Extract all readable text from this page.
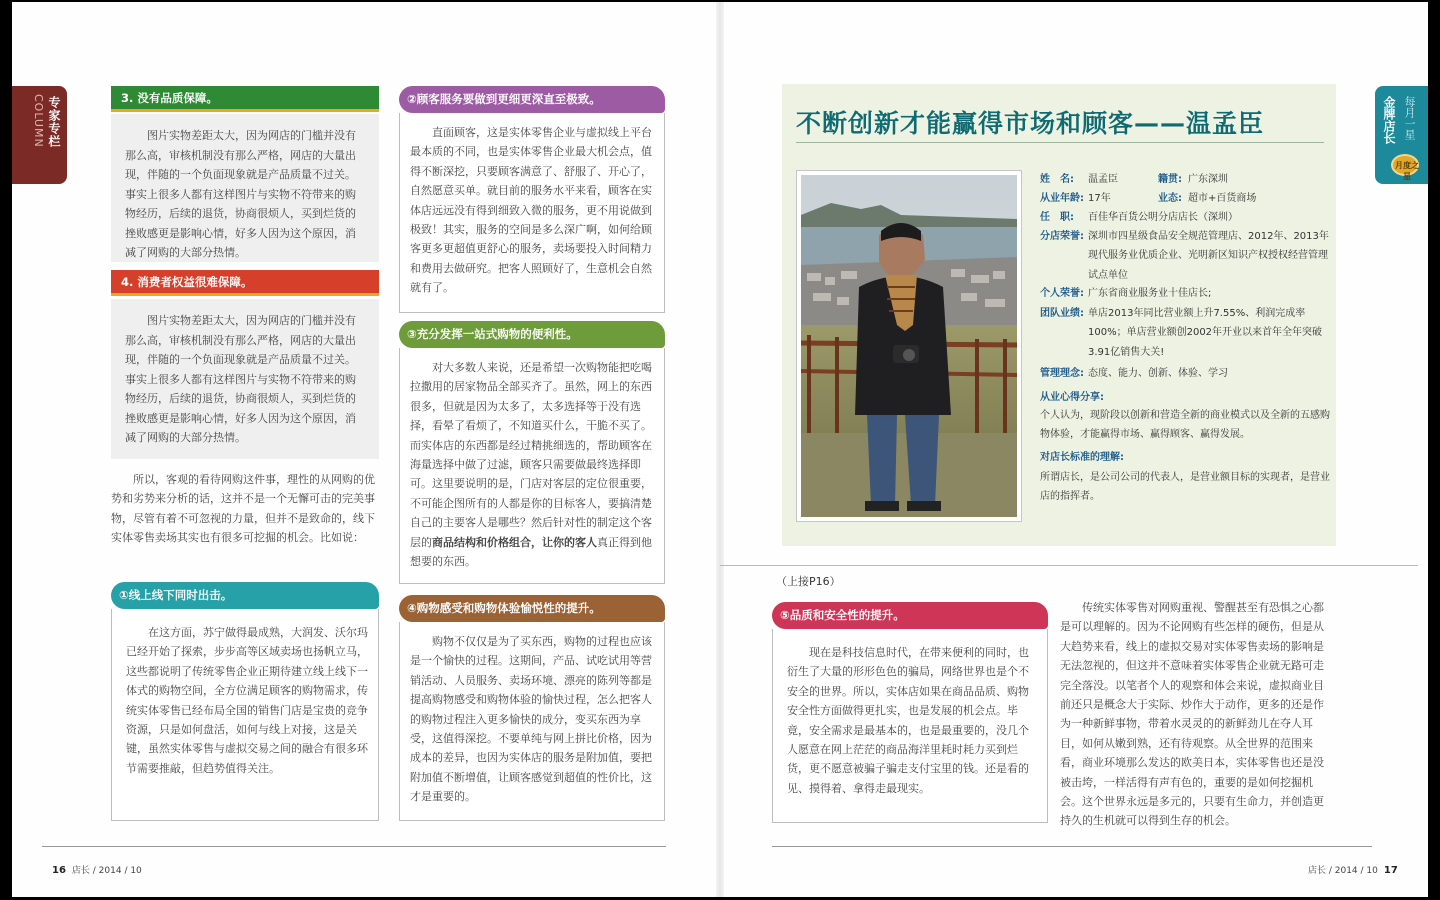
专家专栏
COLUMN	3. 没有品质保障。
图片实物差距太大，因为网店的门槛并没有那么高，审核机制没有那么严格，网店的大量出现，伴随的一个负面现象就是产品质量不过关。事实上很多人都有这样图片与实物不符带来的购物经历，后续的退货，协商很烦人，买到烂货的挫败感更是影响心情，好多人因为这个原因，消减了网购的大部分热情。
4. 消费者权益很难保障。
图片实物差距太大，因为网店的门槛并没有那么高，审核机制没有那么严格，网店的大量出现，伴随的一个负面现象就是产品质量不过关。事实上很多人都有这样图片与实物不符带来的购物经历，后续的退货，协商很烦人，买到烂货的挫败感更是影响心情，好多人因为这个原因，消减了网购的大部分热情。
所以，客观的看待网购这件事，理性的从网购的优势和劣势来分析的话，这并不是一个无懈可击的完美事物，尽管有着不可忽视的力量，但并不是致命的，线下实体零售卖场其实也有很多可挖掘的机会。比如说：
①线上线下同时出击。
在这方面，苏宁做得最成熟，大润发、沃尔玛已经开始了探索，步步高等区域卖场也扬帆立马，这些都说明了传统零售企业正期待建立线上线下一体式的购物空间，全方位满足顾客的购物需求，传统实体零售已经布局全国的销售门店是宝贵的竞争资源，只是如何盘活，如何与线上对接，这是关键，虽然实体零售与虚拟交易之间的融合有很多环节需要推敲，但趋势值得关注。
②顾客服务要做到更细更深直至极致。
直面顾客，这是实体零售企业与虚拟线上平台最本质的不同，也是实体零售企业最大机会点，值得不断深挖，只要顾客满意了、舒服了、开心了，自然愿意买单。就目前的服务水平来看，顾客在实体店远远没有得到细致入微的服务，更不用说做到极致！其实，服务的空间是多么深广啊，如何给顾客更多更超值更舒心的服务，卖场要投入时间精力和费用去做研究。把客人照顾好了，生意机会自然就有了。
③充分发挥一站式购物的便利性。
对大多数人来说，还是希望一次购物能把吃喝拉撒用的居家物品全部买齐了。虽然，网上的东西很多，但就是因为太多了，太多选择等于没有选择，看晕了看烦了，不知道买什么，干脆不买了。而实体店的东西都是经过精挑细选的，帮助顾客在海量选择中做了过滤，顾客只需要做最终选择即可。这里要说明的是，门店对客层的定位很重要，不可能企图所有的人都是你的目标客人，要搞清楚自己的主要客人是哪些？然后针对性的制定这个客层的商品结构和价格组合，让你的客人真正得到他想要的东西。
④购物感受和购物体验愉悦性的提升。
购物不仅仅是为了买东西，购物的过程也应该是一个愉快的过程。这期间，产品、试吃试用等营销活动、人员服务、卖场环境、漂亮的陈列等都是提高购物感受和购物体验的愉快过程，怎么把客人的购物过程注入更多愉快的成分，变买东西为享受，这值得深挖。不要单纯与网上拼比价格，因为成本的差异，也因为实体店的服务是附加值，要把附加值不断增值，让顾客感觉到超值的性价比，这才是重要的。
16 店长 / 2014 / 10
不断创新才能赢得市场和顾客——温孟臣
姓　名: 温孟臣	籍贯: 广东深圳
从业年龄: 17年	业态: 超市+百货商场
任　职: 百佳华百货公明分店店长（深圳）
分店荣誉: 深圳市四星级食品安全规范管理店、2012年、2013年现代服务业优质企业、光明新区知识产权授权经营管理试点单位
个人荣誉: 广东省商业服务业十佳店长;
团队业绩: 单店2013年同比营业额上升7.55%、利润完成率100%；单店营业额创2002年开业以来首年全年突破3.91亿销售大关!
管理理念: 态度、能力、创新、体验、学习
从业心得分享:
个人认为，现阶段以创新和营造全新的商业模式以及全新的五感购物体验，才能赢得市场、赢得顾客、赢得发展。
对店长标准的理解:
所谓店长，是公司公司的代表人，是营业额目标的实现者，是营业店的指挥者。
（上接P16）
⑤品质和安全性的提升。
现在是科技信息时代，在带来便利的同时，也衍生了大量的形形色色的骗局，网络世界也是个不安全的世界。所以，实体店如果在商品品质、购物安全性方面做得更扎实，也是发展的机会点。毕竟，安全需求是最基本的，也是最重要的，没几个人愿意在网上茫茫的商品海洋里耗时耗力买到烂货，更不愿意被骗子骗走支付宝里的钱。还是看的见、摸得着、拿得走最现实。
传统实体零售对网购重视、警醒甚至有恐惧之心都是可以理解的。因为不论网购有些怎样的硬伤，但是从大趋势来看，线上的虚拟交易对实体零售卖场的影响是无法忽视的，但这并不意味着实体零售企业就无路可走完全落没。以笔者个人的观察和体会来说，虚拟商业目前还只是概念大于实际、炒作大于动作，更多的还是作为一种新鲜事物，带着水灵灵的的新鲜劲儿在夺人耳目，如何从嫩到熟，还有待观察。从全世界的范围来看，商业环境那么发达的欧美日本，实体零售也还是没被击垮，一样活得有声有色的，重要的是如何挖掘机会。这个世界永远是多元的，只要有生命力，并创造更持久的生机就可以得到生存的机会。
店长 / 2014 / 10 17
金牌店长 每月一星
月度之星
